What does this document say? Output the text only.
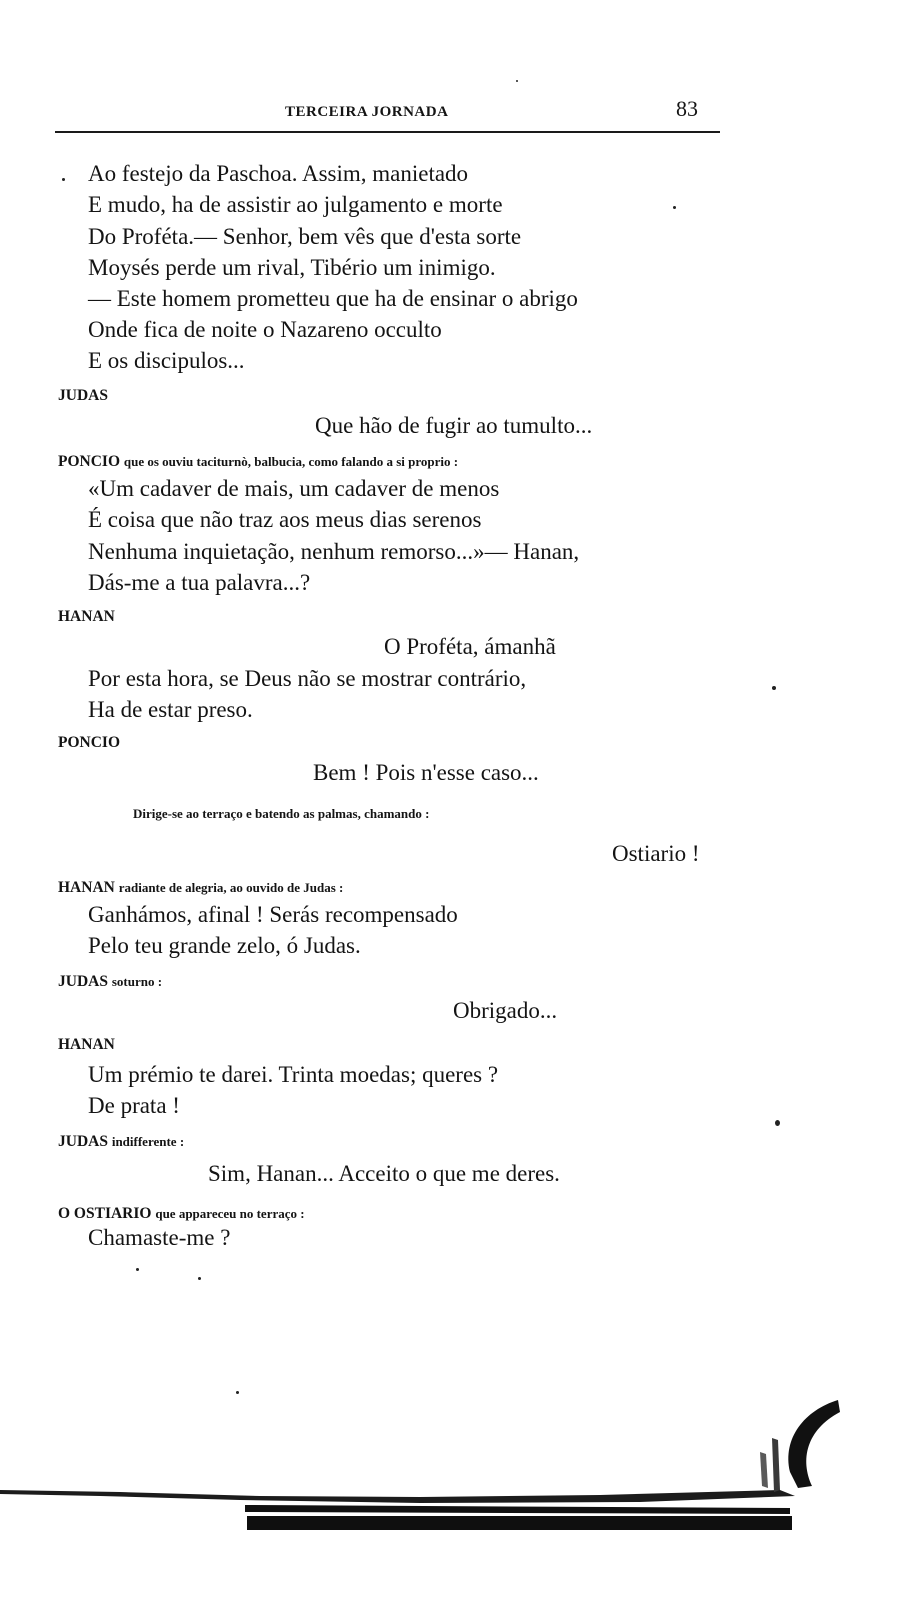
TERCEIRA JORNADA	83
Ao festejo da Paschoa. Assim, manietado
E mudo, ha de assistir ao julgamento e morte
Do Proféta.— Senhor, bem vês que d'esta sorte
Moysés perde um rival, Tibério um inimigo.
— Este homem prometteu que ha de ensinar o abrigo
Onde fica de noite o Nazareno occulto
E os discipulos...
JUDAS
Que hão de fugir ao tumulto...
PONCIO que os ouviu taciturnò, balbucia, como falando a si proprio :
«Um cadaver de mais, um cadaver de menos
É coisa que não traz aos meus dias serenos
Nenhuma inquietação, nenhum remorso...»— Hanan,
Dás-me a tua palavra...?
HANAN
O Proféta, ámanhã
Por esta hora, se Deus não se mostrar contrário,
Ha de estar preso.
PONCIO
Bem ! Pois n'esse caso...
Dirige-se ao terraço e batendo as palmas, chamando :
Ostiario !
HANAN radiante de alegria, ao ouvido de Judas :
Ganhámos, afinal ! Serás recompensado
Pelo teu grande zelo, ó Judas.
JUDAS soturno :
Obrigado...
HANAN
Um prémio te darei. Trinta moedas; queres ?
De prata !
JUDAS indifferente :
Sim, Hanan... Acceito o que me deres.
O OSTIARIO que appareceu no terraço :
Chamaste-me ?
